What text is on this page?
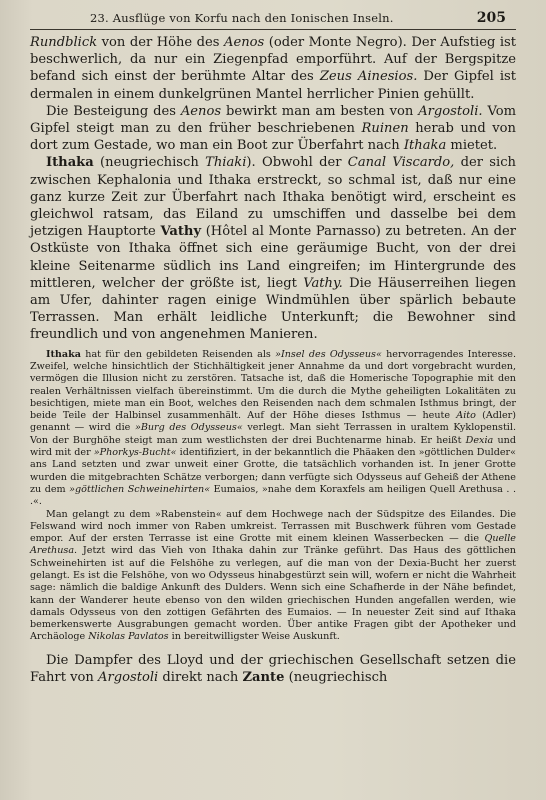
23. Ausflüge von Korfu nach den Ionischen Inseln.	205

Rundblick von der Höhe des Aenos (oder Monte Negro). Der Aufstieg ist beschwerlich, da nur ein Ziegenpfad emporführt. Auf der Bergspitze befand sich einst der berühmte Altar des Zeus Ainesios. Der Gipfel ist dermalen in einem dunkelgrünen Mantel herrlicher Pinien gehüllt.

Die Besteigung des Aenos bewirkt man am besten von Argostoli. Vom Gipfel steigt man zu den früher beschriebenen Ruinen herab und von dort zum Gestade, wo man ein Boot zur Überfahrt nach Ithaka mietet.

Ithaka (neugriechisch Thiaki). Obwohl der Canal Viscardo, der sich zwischen Kephalonia und Ithaka erstreckt, so schmal ist, daß nur eine ganz kurze Zeit zur Überfahrt nach Ithaka benötigt wird, erscheint es gleichwol ratsam, das Eiland zu umschiffen und dasselbe bei dem jetzigen Hauptorte Vathy (Hôtel al Monte Parnasso) zu betreten. An der Ostküste von Ithaka öffnet sich eine geräumige Bucht, von der drei kleine Seitenarme südlich ins Land eingreifen; im Hintergrunde des mittleren, welcher der größte ist, liegt Vathy. Die Häuserreihen liegen am Ufer, dahinter ragen einige Windmühlen über spärlich bebaute Terrassen. Man erhält leidliche Unterkunft; die Bewohner sind freundlich und von angenehmen Manieren.

Ithaka hat für den gebildeten Reisenden als »Insel des Odysseus« hervorragendes Interesse. Zweifel, welche hinsichtlich der Stichhältigkeit jener Annahme da und dort vorgebracht wurden, vermögen die Illusion nicht zu zerstören. Tatsache ist, daß die Homerische Topographie mit den realen Verhältnissen vielfach übereinstimmt. Um die durch die Mythe geheiligten Lokalitäten zu besichtigen, miete man ein Boot, welches den Reisenden nach dem schmalen Isthmus bringt, der beide Teile der Halbinsel zusammenhält. Auf der Höhe dieses Isthmus — heute Aito (Adler) genannt — wird die »Burg des Odysseus« verlegt. Man sieht Terrassen in uraltem Kyklopenstil. Von der Burghöhe steigt man zum westlichsten der drei Buchtenarme hinab. Er heißt Dexia und wird mit der »Phorkys-Bucht« identifiziert, in der bekanntlich die Phäaken den »göttlichen Dulder« ans Land setzten und zwar unweit einer Grotte, die tatsächlich vorhanden ist. In jener Grotte wurden die mitgebrachten Schätze verborgen; dann verfügte sich Odysseus auf Geheiß der Athene zu dem »göttlichen Schweinehirten« Eumaios, »nahe dem Koraxfels am heiligen Quell Arethusa . . .«.

Man gelangt zu dem »Rabenstein« auf dem Hochwege nach der Südspitze des Eilandes. Die Felswand wird noch immer von Raben umkreist. Terrassen mit Buschwerk führen vom Gestade empor. Auf der ersten Terrasse ist eine Grotte mit einem kleinen Wasserbecken — die Quelle Arethusa. Jetzt wird das Vieh von Ithaka dahin zur Tränke geführt. Das Haus des göttlichen Schweinehirten ist auf die Felshöhe zu verlegen, auf die man von der Dexia-Bucht her zuerst gelangt. Es ist die Felshöhe, von wo Odysseus hinabgestürzt sein will, wofern er nicht die Wahrheit sage: nämlich die baldige Ankunft des Dulders. Wenn sich eine Schafherde in der Nähe befindet, kann der Wanderer heute ebenso von den wilden griechischen Hunden angefallen werden, wie damals Odysseus von den zottigen Gefährten des Eumaios. — In neuester Zeit sind auf Ithaka bemerkenswerte Ausgrabungen gemacht worden. Über antike Fragen gibt der Apotheker und Archäologe Nikolas Pavlatos in bereitwilligster Weise Auskunft.

Die Dampfer des Lloyd und der griechischen Gesellschaft setzen die Fahrt von Argostoli direkt nach Zante (neugriechisch
